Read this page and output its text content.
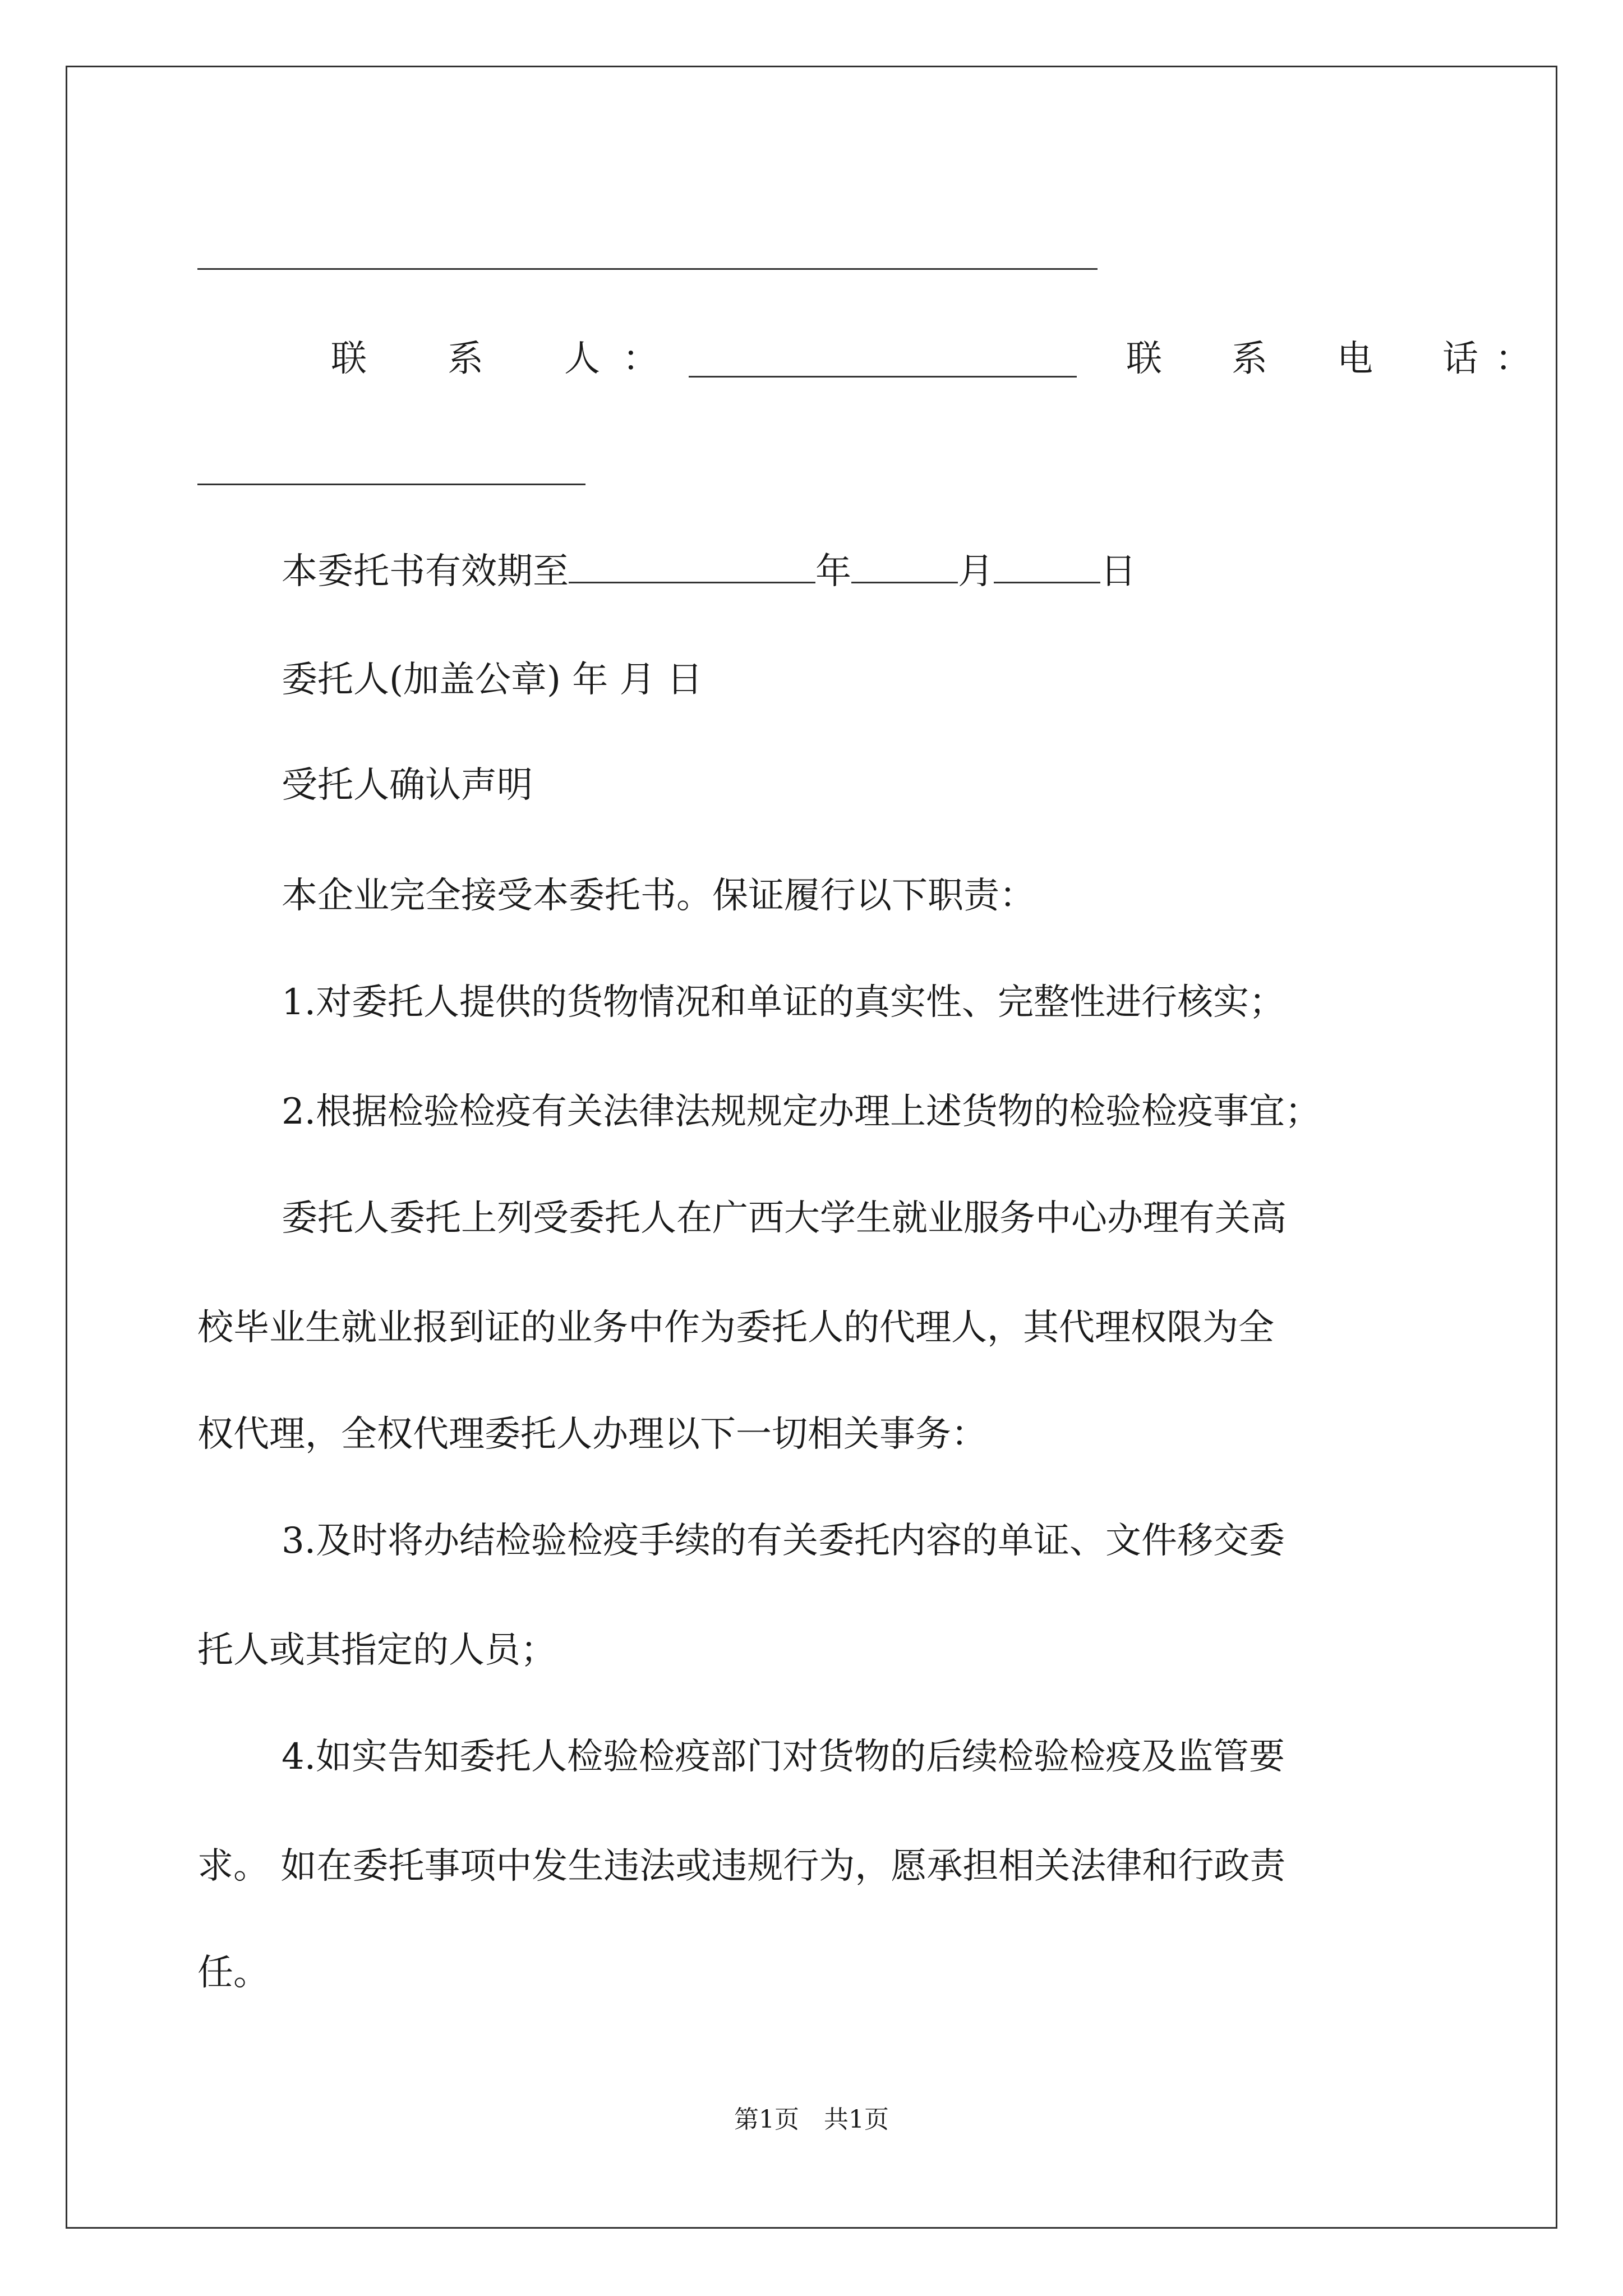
联　系　人：	联　系　电　话：
本委托书有效期至	年	月	日
委托人(加盖公章) 年 月 日
受托人确认声明
本企业完全接受本委托书。保证履行以下职责：
1.对委托人提供的货物情况和单证的真实性、完整性进行核实；
2.根据检验检疫有关法律法规规定办理上述货物的检验检疫事宜；
委托人委托上列受委托人在广西大学生就业服务中心办理有关高
校毕业生就业报到证的业务中作为委托人的代理人，其代理权限为全
权代理，全权代理委托人办理以下一切相关事务：
3.及时将办结检验检疫手续的有关委托内容的单证、文件移交委
托人或其指定的人员；
4.如实告知委托人检验检疫部门对货物的后续检验检疫及监管要
求。 如在委托事项中发生违法或违规行为，愿承担相关法律和行政责
任。
第1页　共1页
